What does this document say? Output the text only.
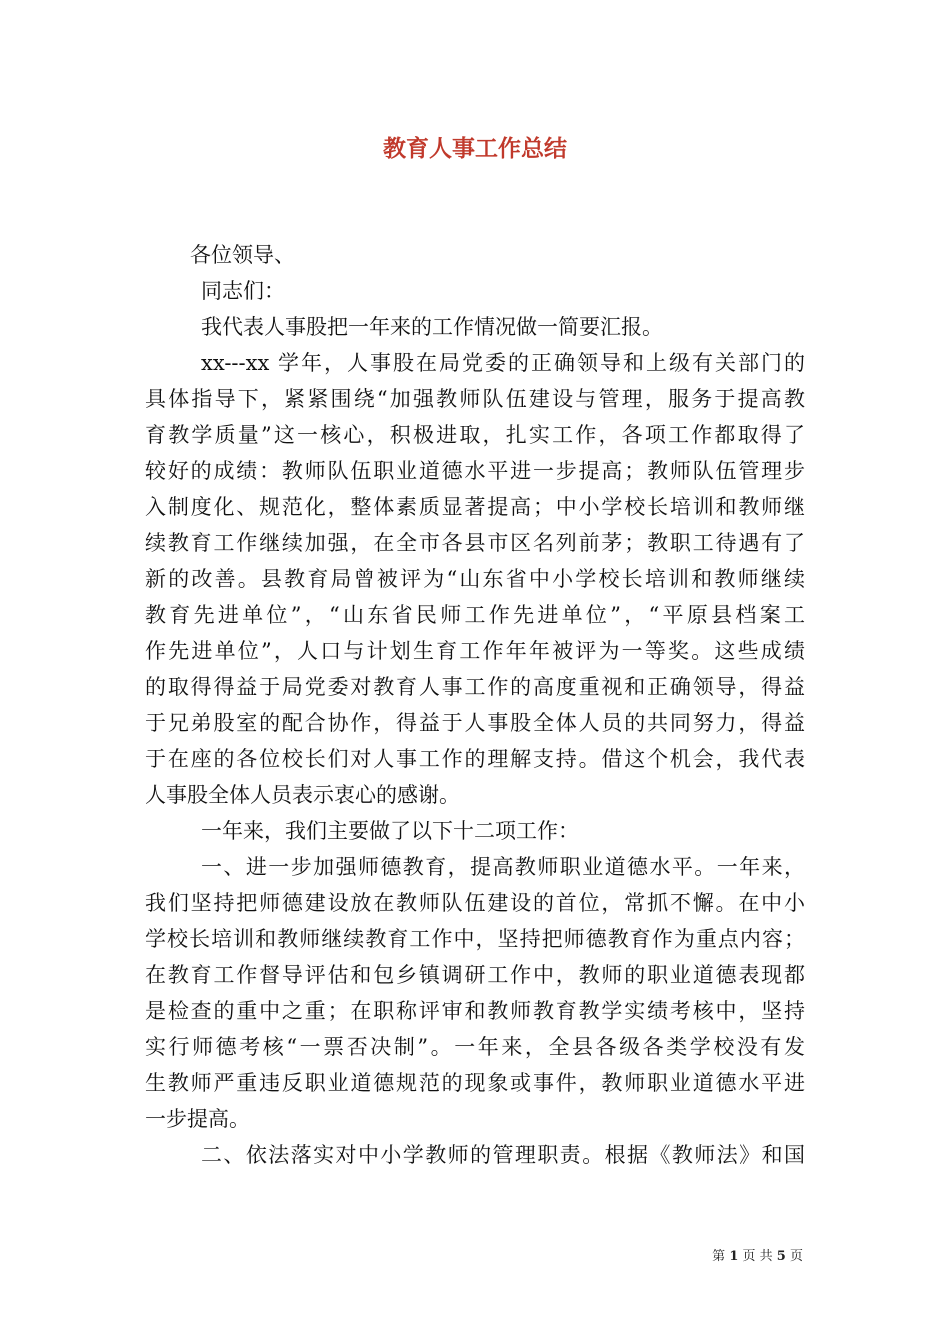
教育人事工作总结

各位领导、

同志们：

我代表人事股把一年来的工作情况做一简要汇报。

xx---xx 学年，人事股在局党委的正确领导和上级有关部门的

具体指导下，紧紧围绕“加强教师队伍建设与管理，服务于提高教

育教学质量”这一核心，积极进取，扎实工作，各项工作都取得了

较好的成绩：教师队伍职业道德水平进一步提高；教师队伍管理步

入制度化、规范化，整体素质显著提高；中小学校长培训和教师继

续教育工作继续加强，在全市各县市区名列前茅；教职工待遇有了

新的改善。县教育局曾被评为“山东省中小学校长培训和教师继续

教育先进单位”，“山东省民师工作先进单位”，“平原县档案工

作先进单位”，人口与计划生育工作年年被评为一等奖。这些成绩

的取得得益于局党委对教育人事工作的高度重视和正确领导，得益

于兄弟股室的配合协作，得益于人事股全体人员的共同努力，得益

于在座的各位校长们对人事工作的理解支持。借这个机会，我代表

人事股全体人员表示衷心的感谢。

一年来，我们主要做了以下十二项工作：

一、进一步加强师德教育，提高教师职业道德水平。一年来，

我们坚持把师德建设放在教师队伍建设的首位，常抓不懈。在中小

学校长培训和教师继续教育工作中，坚持把师德教育作为重点内容；

在教育工作督导评估和包乡镇调研工作中，教师的职业道德表现都

是检查的重中之重；在职称评审和教师教育教学实绩考核中，坚持

实行师德考核“一票否决制”。一年来，全县各级各类学校没有发

生教师严重违反职业道德规范的现象或事件，教师职业道德水平进

一步提高。

二、依法落实对中小学教师的管理职责。根据《教师法》和国

第 1 页 共 5 页
